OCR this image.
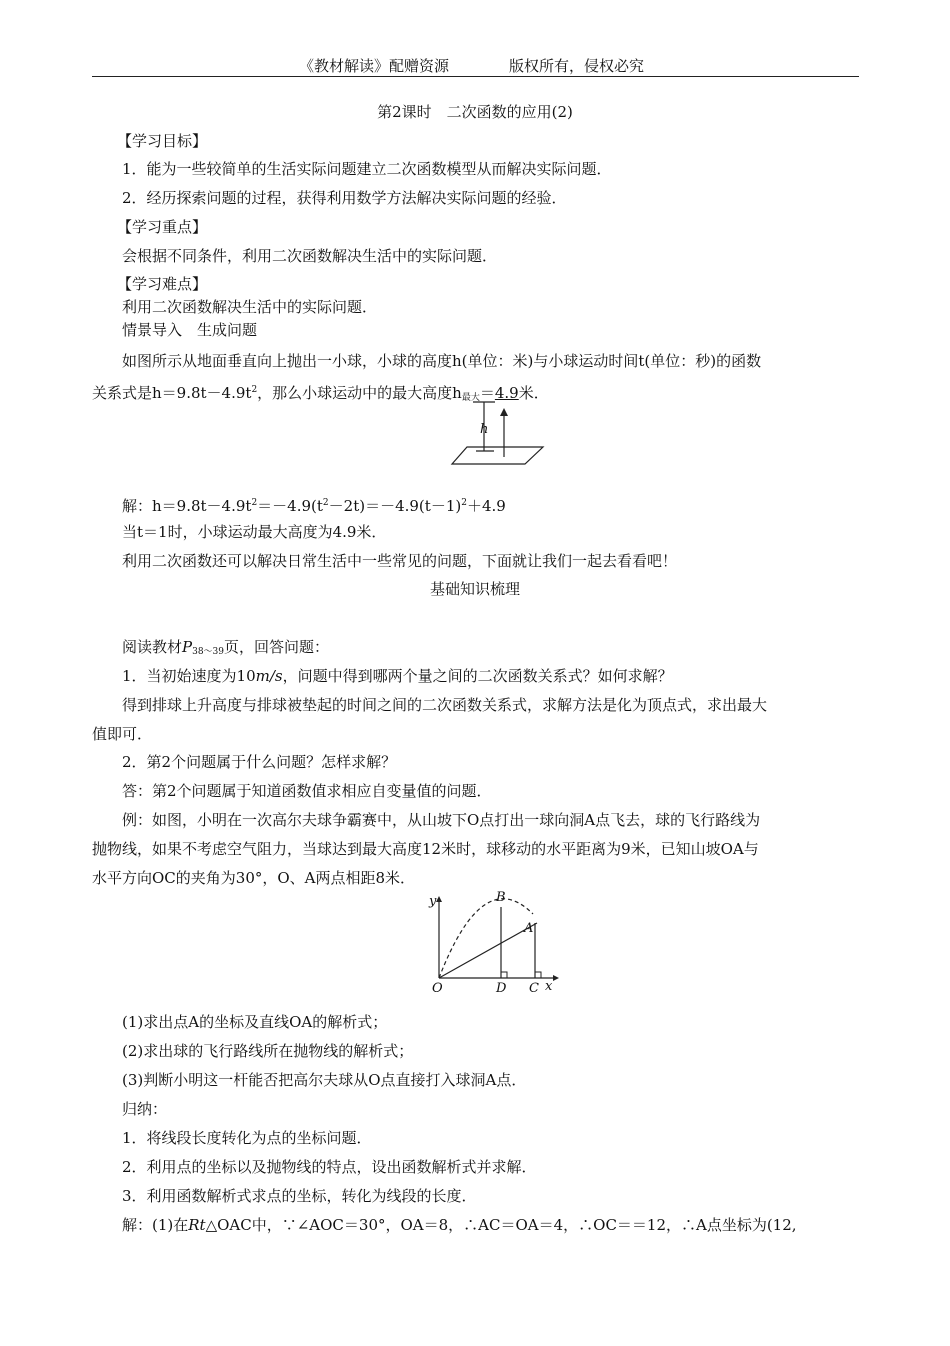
《教材解读》配赠资源	版权所有，侵权必究
第2课时　二次函数的应用(2)
【学习目标】
1．能为一些较简单的生活实际问题建立二次函数模型从而解决实际问题．
2．经历探索问题的过程，获得利用数学方法解决实际问题的经验．
【学习重点】
会根据不同条件，利用二次函数解决生活中的实际问题．
【学习难点】
利用二次函数解决生活中的实际问题．
情景导入　生成问题
如图所示从地面垂直向上抛出一小球，小球的高度h(单位：米)与小球运动时间t(单位：秒)的函数
关系式是$h=9.8t-4.9t^2$，那么小球运动中的最大高度$h_{最大}=4.9$米．
h
解：$h=9.8t-4.9t^2=-4.9(t^2-2t)=-4.9(t-1)^2+4.9$
当t＝1时，小球运动最大高度为4.9米．
利用二次函数还可以解决日常生活中一些常见的问题，下面就让我们一起去看看吧！
基础知识梳理
阅读教材$P_{38\sim 39}$页，回答问题：
1．当初始速度为10m/s，问题中得到哪两个量之间的二次函数关系式？如何求解？
得到排球上升高度与排球被垫起的时间之间的二次函数关系式，求解方法是化为顶点式，求出最大
值即可．
2．第2个问题属于什么问题？怎样求解？
答：第2个问题属于知道函数值求相应自变量值的问题．
例：如图，小明在一次高尔夫球争霸赛中，从山坡下O点打出一球向洞A点飞去，球的飞行路线为
抛物线，如果不考虑空气阻力，当球达到最大高度12米时，球移动的水平距离为9米，已知山坡OA与
水平方向OC的夹角为30°，O、A两点相距8米．
y	B
A
O	D C x
(1)求出点A的坐标及直线OA的解析式；
(2)求出球的飞行路线所在抛物线的解析式；
(3)判断小明这一杆能否把高尔夫球从O点直接打入球洞A点．
归纳：
1．将线段长度转化为点的坐标问题．
2．利用点的坐标以及抛物线的特点，设出函数解析式并求解．
3．利用函数解析式求点的坐标，转化为线段的长度．
解：(1)在Rt△OAC中，∵∠AOC＝30°，OA＝8，∴AC＝OA＝4，∴OC＝＝12，∴A点坐标为(12,
